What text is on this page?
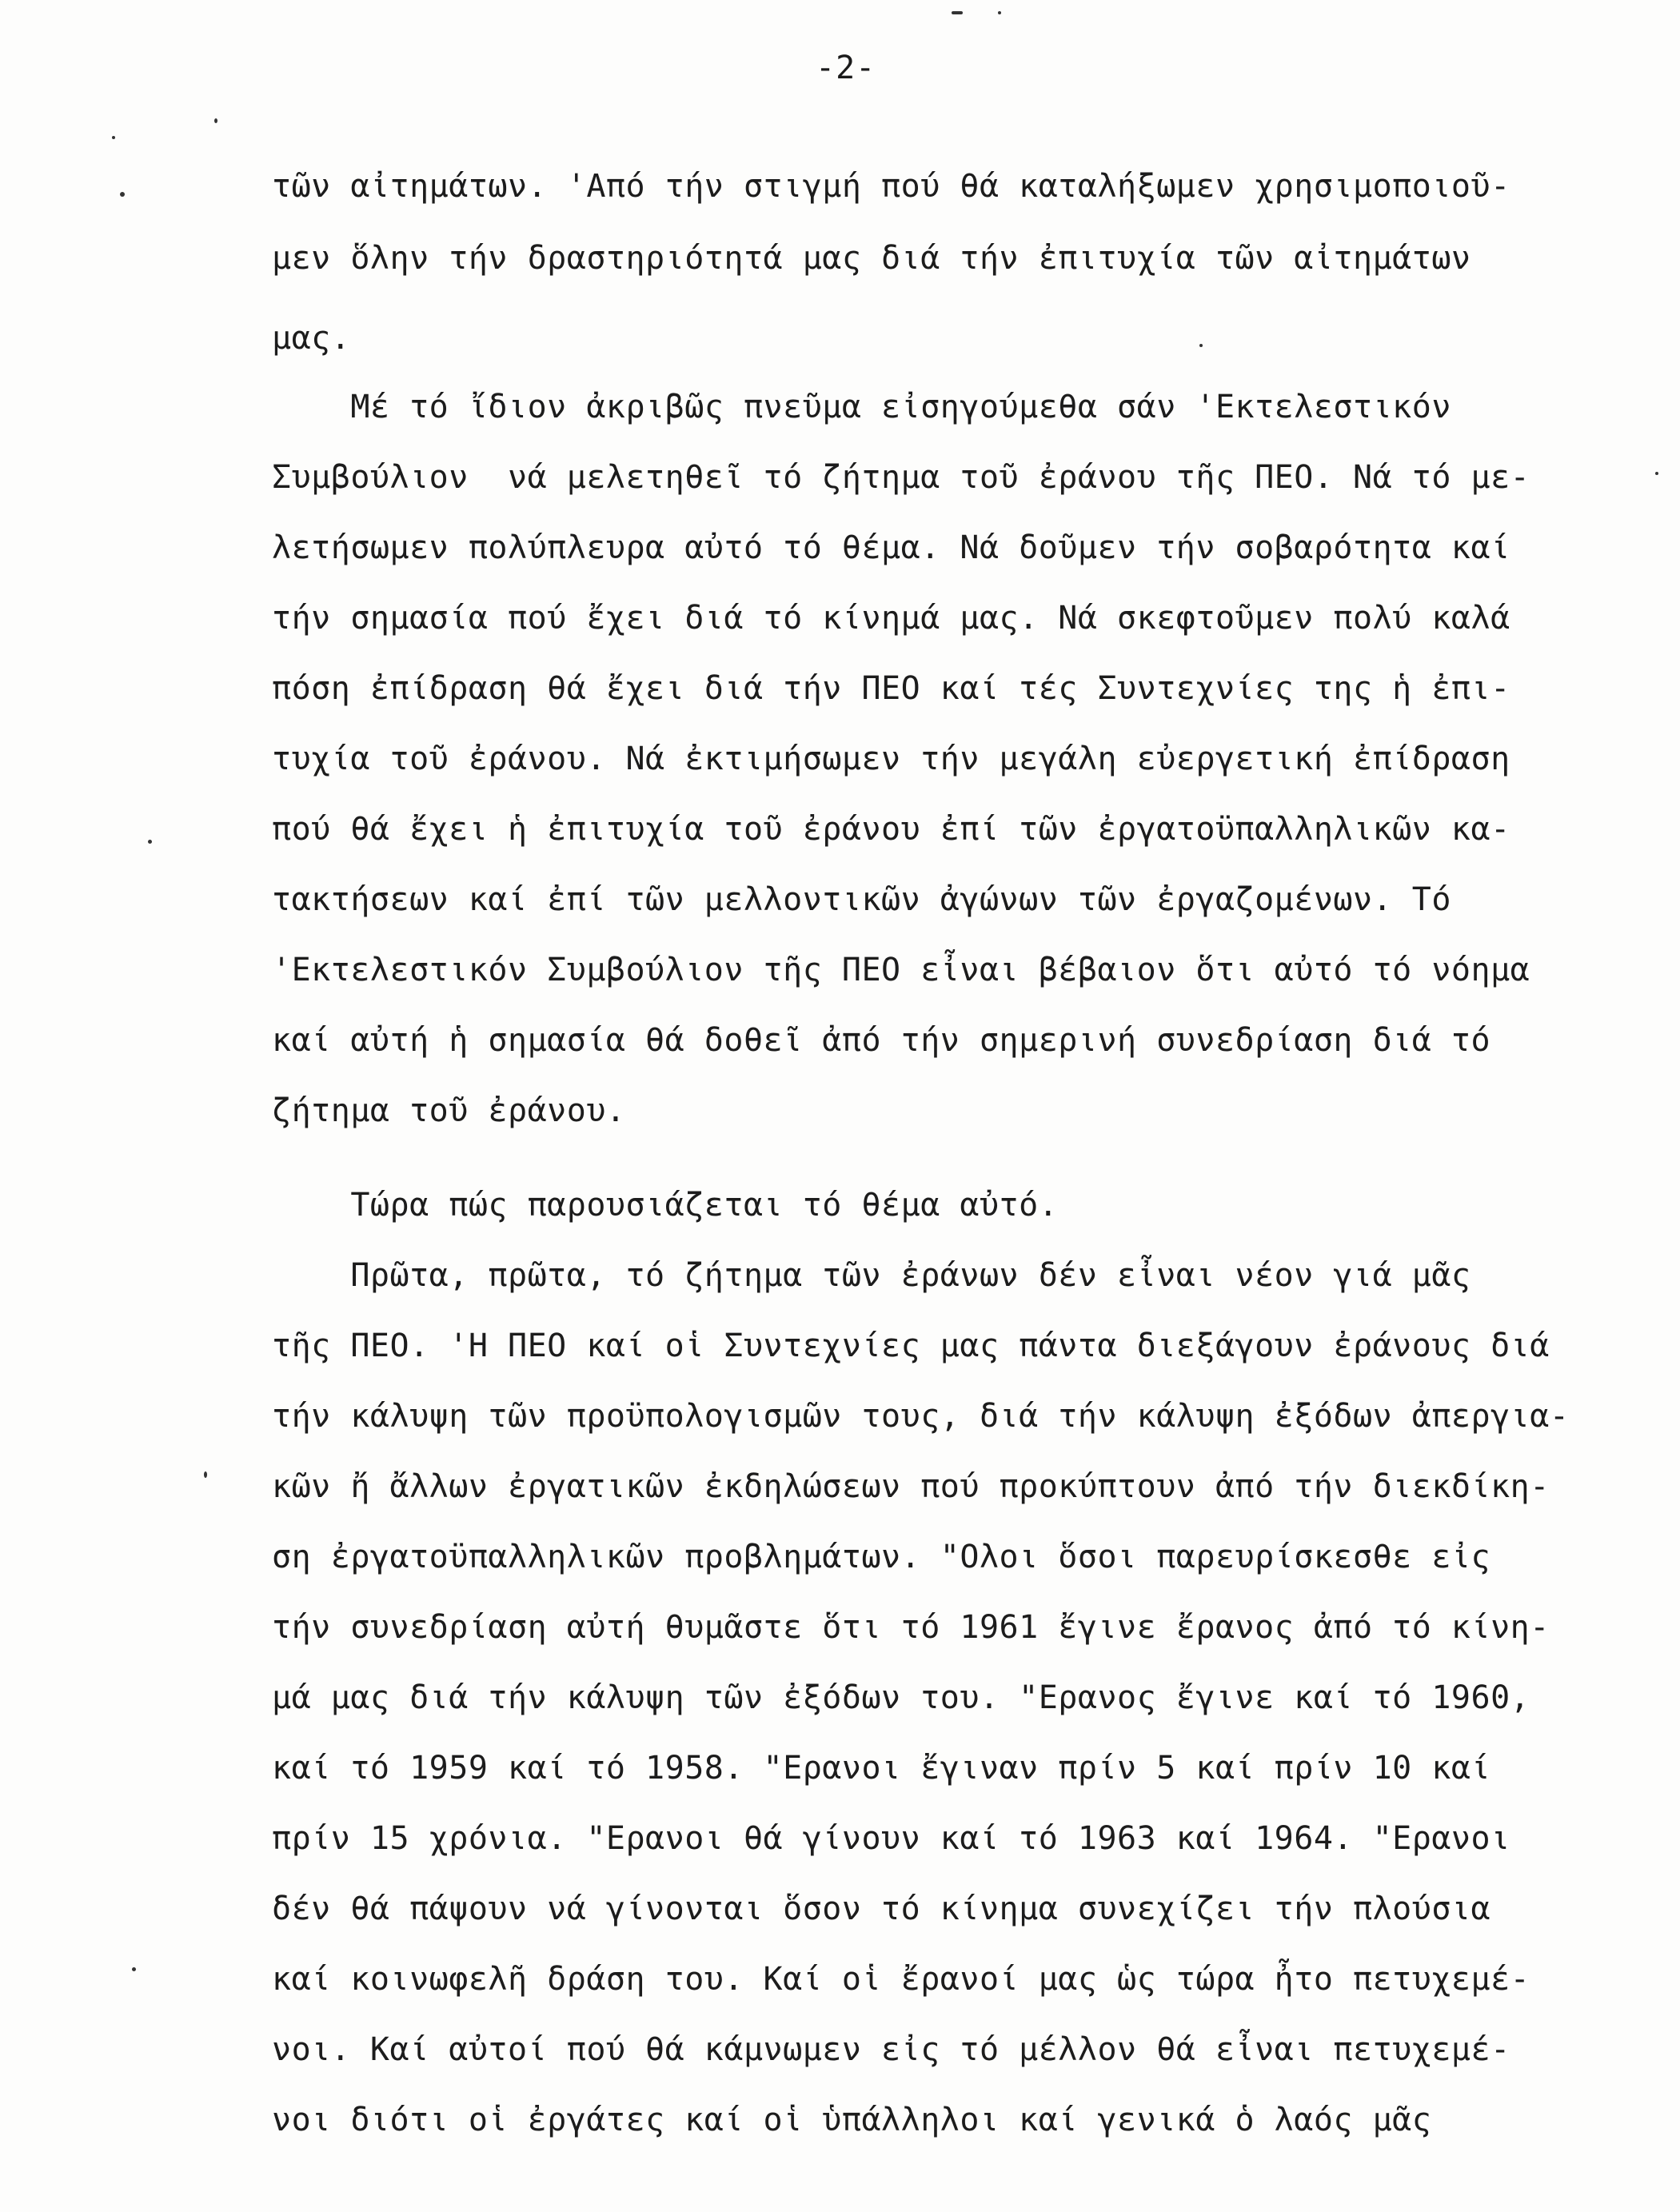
-2-
τῶν αἰτημάτων. 'Από τήν στιγμή πού θά καταλήξωμεν χρησιμοποιοῦ-
μεν ὅλην τήν δραστηριότητά μας διά τήν ἐπιτυχία τῶν αἰτημάτων
μας.
Μέ τό ἴδιον ἀκριβῶς πνεῦμα εἰσηγούμεθα σάν 'Εκτελεστικόν
Συμβούλιον  νά μελετηθεῖ τό ζήτημα τοῦ ἐράνου τῆς ΠΕΟ. Νά τό με-
λετήσωμεν πολύπλευρα αὐτό τό θέμα. Νά δοῦμεν τήν σοβαρότητα καί
τήν σημασία πού ἔχει διά τό κίνημά μας. Νά σκεφτοῦμεν πολύ καλά
πόση ἐπίδραση θά ἔχει διά τήν ΠΕΟ καί τές Συντεχνίες της ἡ ἐπι-
τυχία τοῦ ἐράνου. Νά ἐκτιμήσωμεν τήν μεγάλη εὐεργετική ἐπίδραση
πού θά ἔχει ἡ ἐπιτυχία τοῦ ἐράνου ἐπί τῶν ἐργατοϋπαλληλικῶν κα-
τακτήσεων καί ἐπί τῶν μελλοντικῶν ἀγώνων τῶν ἐργαζομένων. Τό
'Εκτελεστικόν Συμβούλιον τῆς ΠΕΟ εἶναι βέβαιον ὅτι αὐτό τό νόημα
καί αὐτή ἡ σημασία θά δοθεῖ ἀπό τήν σημερινή συνεδρίαση διά τό
ζήτημα τοῦ ἐράνου.
Τώρα πώς παρουσιάζεται τό θέμα αὐτό.
Πρῶτα, πρῶτα, τό ζήτημα τῶν ἐράνων δέν εἶναι νέον γιά μᾶς
τῆς ΠΕΟ. 'Η ΠΕΟ καί οἱ Συντεχνίες μας πάντα διεξάγουν ἐράνους διά
τήν κάλυψη τῶν προϋπολογισμῶν τους, διά τήν κάλυψη ἐξόδων ἀπεργια-
κῶν ἤ ἄλλων ἐργατικῶν ἐκδηλώσεων πού προκύπτουν ἀπό τήν διεκδίκη-
ση ἐργατοϋπαλληλικῶν προβλημάτων. "Ολοι ὅσοι παρευρίσκεσθε εἰς
τήν συνεδρίαση αὐτή θυμᾶστε ὅτι τό 1961 ἔγινε ἔρανος ἀπό τό κίνη-
μά μας διά τήν κάλυψη τῶν ἐξόδων του. "Ερανος ἔγινε καί τό 1960,
καί τό 1959 καί τό 1958. "Ερανοι ἔγιναν πρίν 5 καί πρίν 10 καί
πρίν 15 χρόνια. "Ερανοι θά γίνουν καί τό 1963 καί 1964. "Ερανοι
δέν θά πάψουν νά γίνονται ὅσον τό κίνημα συνεχίζει τήν πλούσια
καί κοινωφελῆ δράση του. Καί οἱ ἔρανοί μας ὡς τώρα ἦτο πετυχεμέ-
νοι. Καί αὐτοί πού θά κάμνωμεν εἰς τό μέλλον θά εἶναι πετυχεμέ-
νοι διότι οἱ ἐργάτες καί οἱ ὑπάλληλοι καί γενικά ὁ λαός μᾶς
